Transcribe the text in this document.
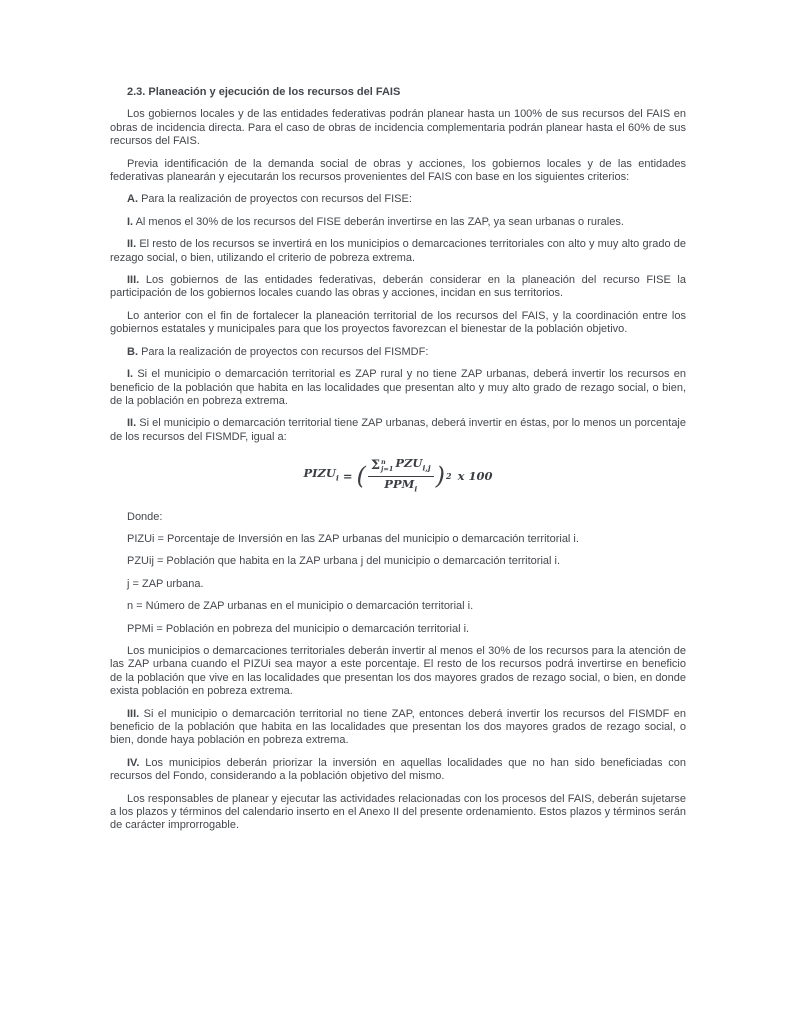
2.3. Planeación y ejecución de los recursos del FAIS

Los gobiernos locales y de las entidades federativas podrán planear hasta un 100% de sus recursos del FAIS en obras de incidencia directa. Para el caso de obras de incidencia complementaria podrán planear hasta el 60% de sus recursos del FAIS.

Previa identificación de la demanda social de obras y acciones, los gobiernos locales y de las entidades federativas planearán y ejecutarán los recursos provenientes del FAIS con base en los siguientes criterios:

A. Para la realización de proyectos con recursos del FISE:

I. Al menos el 30% de los recursos del FISE deberán invertirse en las ZAP, ya sean urbanas o rurales.

II. El resto de los recursos se invertirá en los municipios o demarcaciones territoriales con alto y muy alto grado de rezago social, o bien, utilizando el criterio de pobreza extrema.

III. Los gobiernos de las entidades federativas, deberán considerar en la planeación del recurso FISE la participación de los gobiernos locales cuando las obras y acciones, incidan en sus territorios.

Lo anterior con el fin de fortalecer la planeación territorial de los recursos del FAIS, y la coordinación entre los gobiernos estatales y municipales para que los proyectos favorezcan el bienestar de la población objetivo.

B. Para la realización de proyectos con recursos del FISMDF:

I. Si el municipio o demarcación territorial es ZAP rural y no tiene ZAP urbanas, deberá invertir los recursos en beneficio de la población que habita en las localidades que presentan alto y muy alto grado de rezago social, o bien, de la población en pobreza extrema.

II. Si el municipio o demarcación territorial tiene ZAP urbanas, deberá invertir en éstas, por lo menos un porcentaje de los recursos del FISMDF, igual a:

$PIZU_i$ = ( Σ n
j=1 $PZU_{i,j}$
$PPM_i$ ) 2 x 100

Donde:

PIZUi = Porcentaje de Inversión en las ZAP urbanas del municipio o demarcación territorial i.

PZUij = Población que habita en la ZAP urbana j del municipio o demarcación territorial i.

j = ZAP urbana.

n = Número de ZAP urbanas en el municipio o demarcación territorial i.

PPMi = Población en pobreza del municipio o demarcación territorial i.

Los municipios o demarcaciones territoriales deberán invertir al menos el 30% de los recursos para la atención de las ZAP urbana cuando el PIZUi sea mayor a este porcentaje. El resto de los recursos podrá invertirse en beneficio de la población que vive en las localidades que presentan los dos mayores grados de rezago social, o bien, en donde exista población en pobreza extrema.

III. Si el municipio o demarcación territorial no tiene ZAP, entonces deberá invertir los recursos del FISMDF en beneficio de la población que habita en las localidades que presentan los dos mayores grados de rezago social, o bien, donde haya población en pobreza extrema.

IV. Los municipios deberán priorizar la inversión en aquellas localidades que no han sido beneficiadas con recursos del Fondo, considerando a la población objetivo del mismo.

Los responsables de planear y ejecutar las actividades relacionadas con los procesos del FAIS, deberán sujetarse a los plazos y términos del calendario inserto en el Anexo II del presente ordenamiento. Estos plazos y términos serán de carácter improrrogable.
